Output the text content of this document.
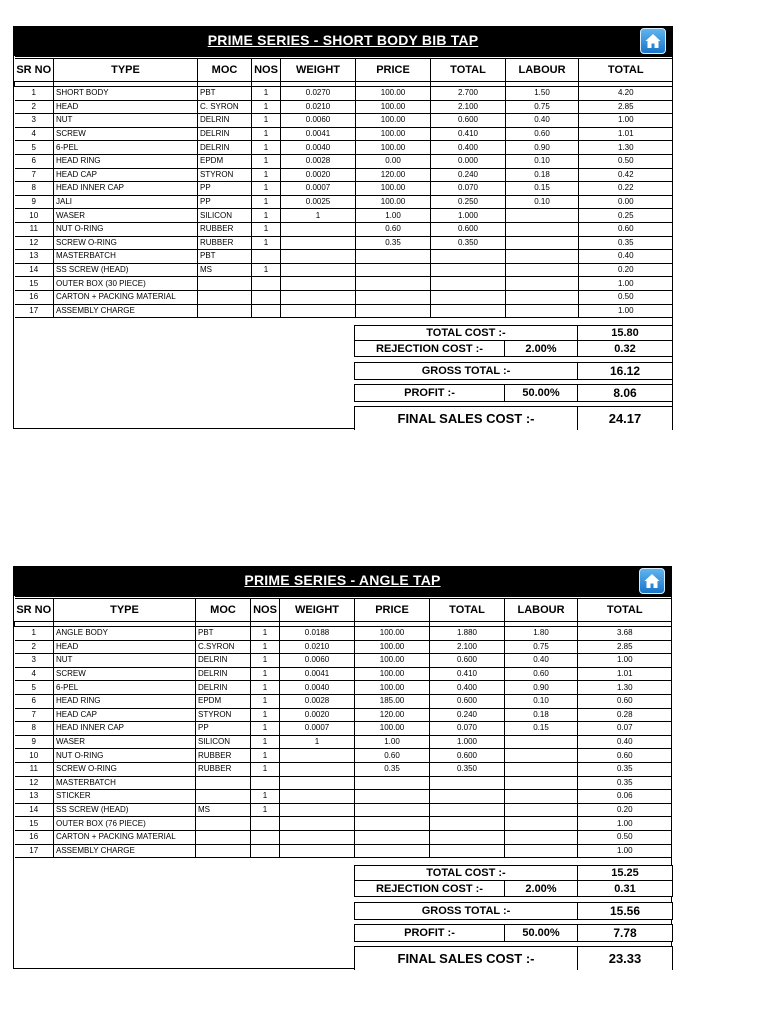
PRIME SERIES - SHORT BODY BIB TAP
SR NO	TYPE	MOC	NOS	WEIGHT	PRICE	TOTAL	LABOUR	TOTAL

1	SHORT BODY	PBT	1	0.0270	100.00	2.700	1.50	4.20
2	HEAD	C. SYRON	1	0.0210	100.00	2.100	0.75	2.85
3	NUT	DELRIN	1	0.0060	100.00	0.600	0.40	1.00
4	SCREW	DELRIN	1	0.0041	100.00	0.410	0.60	1.01
5	6-PEL	DELRIN	1	0.0040	100.00	0.400	0.90	1.30
6	HEAD RING	EPDM	1	0.0028	0.00	0.000	0.10	0.50
7	HEAD CAP	STYRON	1	0.0020	120.00	0.240	0.18	0.42
8	HEAD INNER CAP	PP	1	0.0007	100.00	0.070	0.15	0.22
9	JALI	PP	1	0.0025	100.00	0.250	0.10	0.00
10	WASER	SILICON	1	1	1.00	1.000		0.25
11	NUT O-RING	RUBBER	1		0.60	0.600		0.60
12	SCREW O-RING	RUBBER	1		0.35	0.350		0.35
13	MASTERBATCH	PBT						0.40
14	SS SCREW (HEAD)	MS	1					0.20
15	OUTER BOX (30 PIECE)							1.00
16	CARTON + PACKING MATERIAL							0.50
17	ASSEMBLY CHARGE							1.00
TOTAL COST :-	15.80
REJECTION COST :-	2.00%	0.32
GROSS TOTAL :-	16.12
PROFIT :-	50.00%	8.06
FINAL SALES COST :-	24.17
PRIME SERIES - ANGLE TAP
SR NO	TYPE	MOC	NOS	WEIGHT	PRICE	TOTAL	LABOUR	TOTAL

1	ANGLE BODY	PBT	1	0.0188	100.00	1.880	1.80	3.68
2	HEAD	C.SYRON	1	0.0210	100.00	2.100	0.75	2.85
3	NUT	DELRIN	1	0.0060	100.00	0.600	0.40	1.00
4	SCREW	DELRIN	1	0.0041	100.00	0.410	0.60	1.01
5	6-PEL	DELRIN	1	0.0040	100.00	0.400	0.90	1.30
6	HEAD RING	EPDM	1	0.0028	185.00	0.600	0.10	0.60
7	HEAD CAP	STYRON	1	0.0020	120.00	0.240	0.18	0.28
8	HEAD INNER CAP	PP	1	0.0007	100.00	0.070	0.15	0.07
9	WASER	SILICON	1	1	1.00	1.000		0.40
10	NUT O-RING	RUBBER	1		0.60	0.600		0.60
11	SCREW O-RING	RUBBER	1		0.35	0.350		0.35
12	MASTERBATCH							0.35
13	STICKER		1					0.06
14	SS SCREW (HEAD)	MS	1					0.20
15	OUTER BOX (76 PIECE)							1.00
16	CARTON + PACKING MATERIAL							0.50
17	ASSEMBLY CHARGE							1.00
TOTAL COST :-	15.25
REJECTION COST :-	2.00%	0.31
GROSS TOTAL :-	15.56
PROFIT :-	50.00%	7.78
FINAL SALES COST :-	23.33
